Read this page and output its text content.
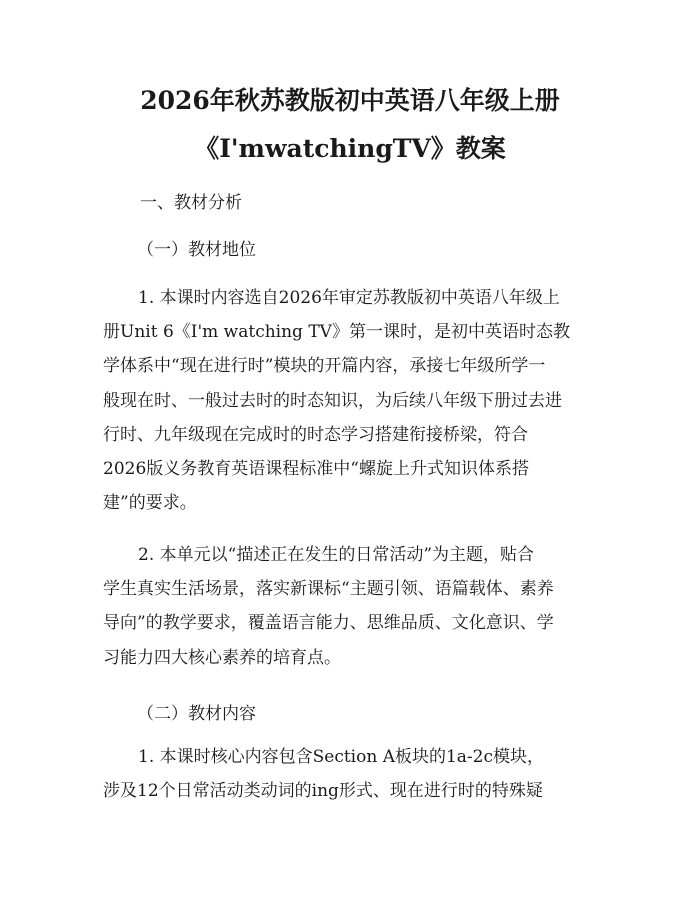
2026年秋苏教版初中英语八年级上册
《I'mwatchingTV》教案
一、教材分析
（一）教材地位
1. 本课时内容选自2026年审定苏教版初中英语八年级上
册Unit 6《I'm watching TV》第一课时，是初中英语时态教
学体系中“现在进行时”模块的开篇内容，承接七年级所学一
般现在时、一般过去时的时态知识，为后续八年级下册过去进
行时、九年级现在完成时的时态学习搭建衔接桥梁，符合
2026版义务教育英语课程标准中“螺旋上升式知识体系搭
建”的要求。
2. 本单元以“描述正在发生的日常活动”为主题，贴合
学生真实生活场景，落实新课标“主题引领、语篇载体、素养
导向”的教学要求，覆盖语言能力、思维品质、文化意识、学
习能力四大核心素养的培育点。
（二）教材内容
1. 本课时核心内容包含Section A板块的1a-2c模块，
涉及12个日常活动类动词的ing形式、现在进行时的特殊疑
